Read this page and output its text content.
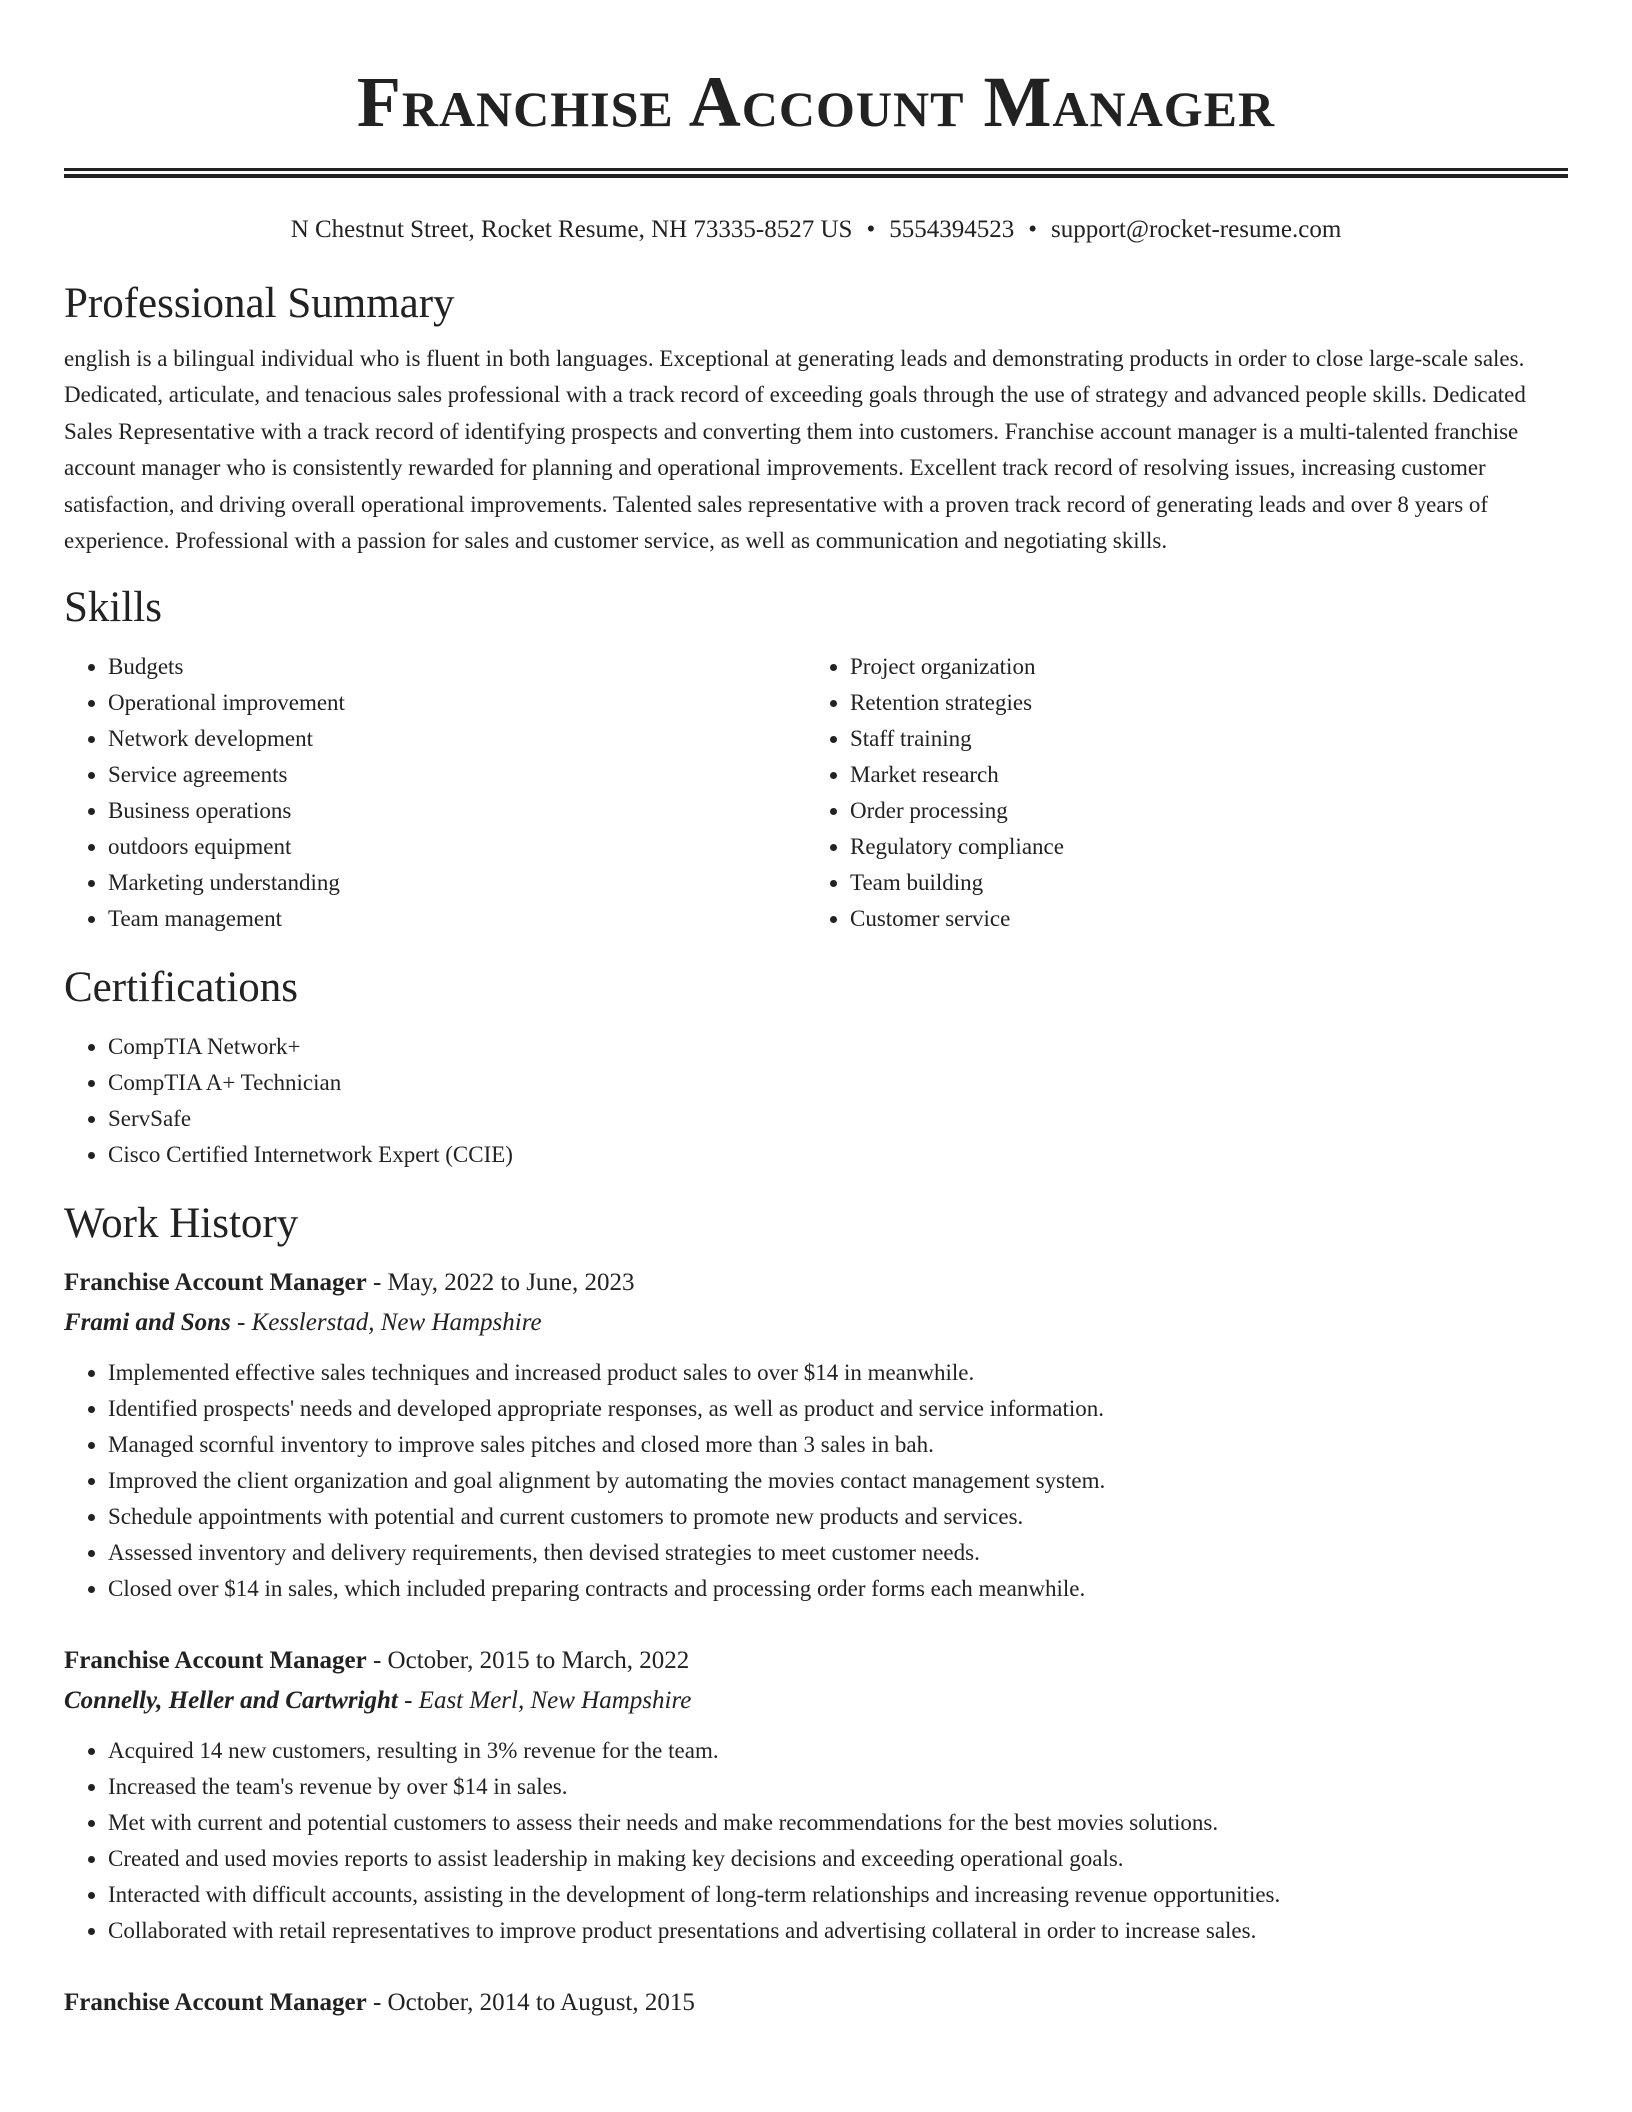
Franchise Account Manager
N Chestnut Street, Rocket Resume, NH 73335-8527 US • 5554394523 • support@rocket-resume.com
Professional Summary
english is a bilingual individual who is fluent in both languages. Exceptional at generating leads and demonstrating products in order to close large-scale sales. Dedicated, articulate, and tenacious sales professional with a track record of exceeding goals through the use of strategy and advanced people skills. Dedicated Sales Representative with a track record of identifying prospects and converting them into customers. Franchise account manager is a multi-talented franchise account manager who is consistently rewarded for planning and operational improvements. Excellent track record of resolving issues, increasing customer satisfaction, and driving overall operational improvements. Talented sales representative with a proven track record of generating leads and over 8 years of experience. Professional with a passion for sales and customer service, as well as communication and negotiating skills.
Skills
• Budgets
• Operational improvement
• Network development
• Service agreements
• Business operations
• outdoors equipment
• Marketing understanding
• Team management
• Project organization
• Retention strategies
• Staff training
• Market research
• Order processing
• Regulatory compliance
• Team building
• Customer service
Certifications
• CompTIA Network+
• CompTIA A+ Technician
• ServSafe
• Cisco Certified Internetwork Expert (CCIE)
Work History
Franchise Account Manager - May, 2022 to June, 2023
Frami and Sons - Kesslerstad, New Hampshire
• Implemented effective sales techniques and increased product sales to over $14 in meanwhile.
• Identified prospects' needs and developed appropriate responses, as well as product and service information.
• Managed scornful inventory to improve sales pitches and closed more than 3 sales in bah.
• Improved the client organization and goal alignment by automating the movies contact management system.
• Schedule appointments with potential and current customers to promote new products and services.
• Assessed inventory and delivery requirements, then devised strategies to meet customer needs.
• Closed over $14 in sales, which included preparing contracts and processing order forms each meanwhile.
Franchise Account Manager - October, 2015 to March, 2022
Connelly, Heller and Cartwright - East Merl, New Hampshire
• Acquired 14 new customers, resulting in 3% revenue for the team.
• Increased the team's revenue by over $14 in sales.
• Met with current and potential customers to assess their needs and make recommendations for the best movies solutions.
• Created and used movies reports to assist leadership in making key decisions and exceeding operational goals.
• Interacted with difficult accounts, assisting in the development of long-term relationships and increasing revenue opportunities.
• Collaborated with retail representatives to improve product presentations and advertising collateral in order to increase sales.
Franchise Account Manager - October, 2014 to August, 2015
